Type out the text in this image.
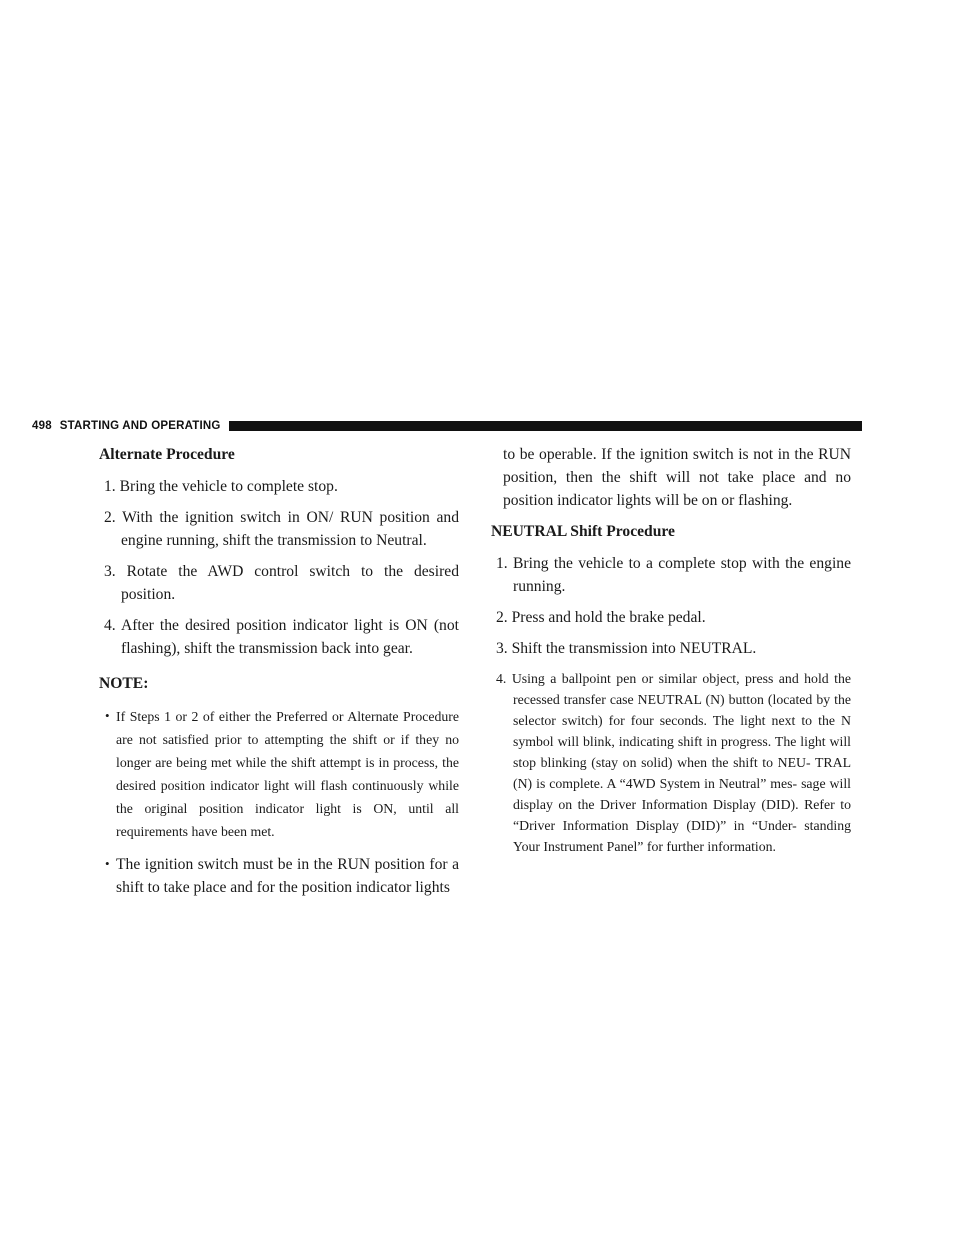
498 STARTING AND OPERATING
Alternate Procedure
1. Bring the vehicle to complete stop.
2. With the ignition switch in ON/ RUN position and engine running, shift the transmission to Neutral.
3. Rotate the AWD control switch to the desired position.
4. After the desired position indicator light is ON (not flashing), shift the transmission back into gear.
NOTE:
• If Steps 1 or 2 of either the Preferred or Alternate Procedure are not satisfied prior to attempting the shift or if they no longer are being met while the shift attempt is in process, the desired position indicator light will flash continuously while the original position indicator light is ON, until all requirements have been met.
• The ignition switch must be in the RUN position for a shift to take place and for the position indicator lights
to be operable. If the ignition switch is not in the RUN position, then the shift will not take place and no position indicator lights will be on or flashing.
NEUTRAL Shift Procedure
1. Bring the vehicle to a complete stop with the engine running.
2. Press and hold the brake pedal.
3. Shift the transmission into NEUTRAL.
4. Using a ballpoint pen or similar object, press and hold the recessed transfer case NEUTRAL (N) button (located by the selector switch) for four seconds. The light next to the N symbol will blink, indicating shift in progress. The light will stop blinking (stay on solid) when the shift to NEU- TRAL (N) is complete. A “4WD System in Neutral” mes- sage will display on the Driver Information Display (DID). Refer to “Driver Information Display (DID)” in “Under- standing Your Instrument Panel” for further information.
